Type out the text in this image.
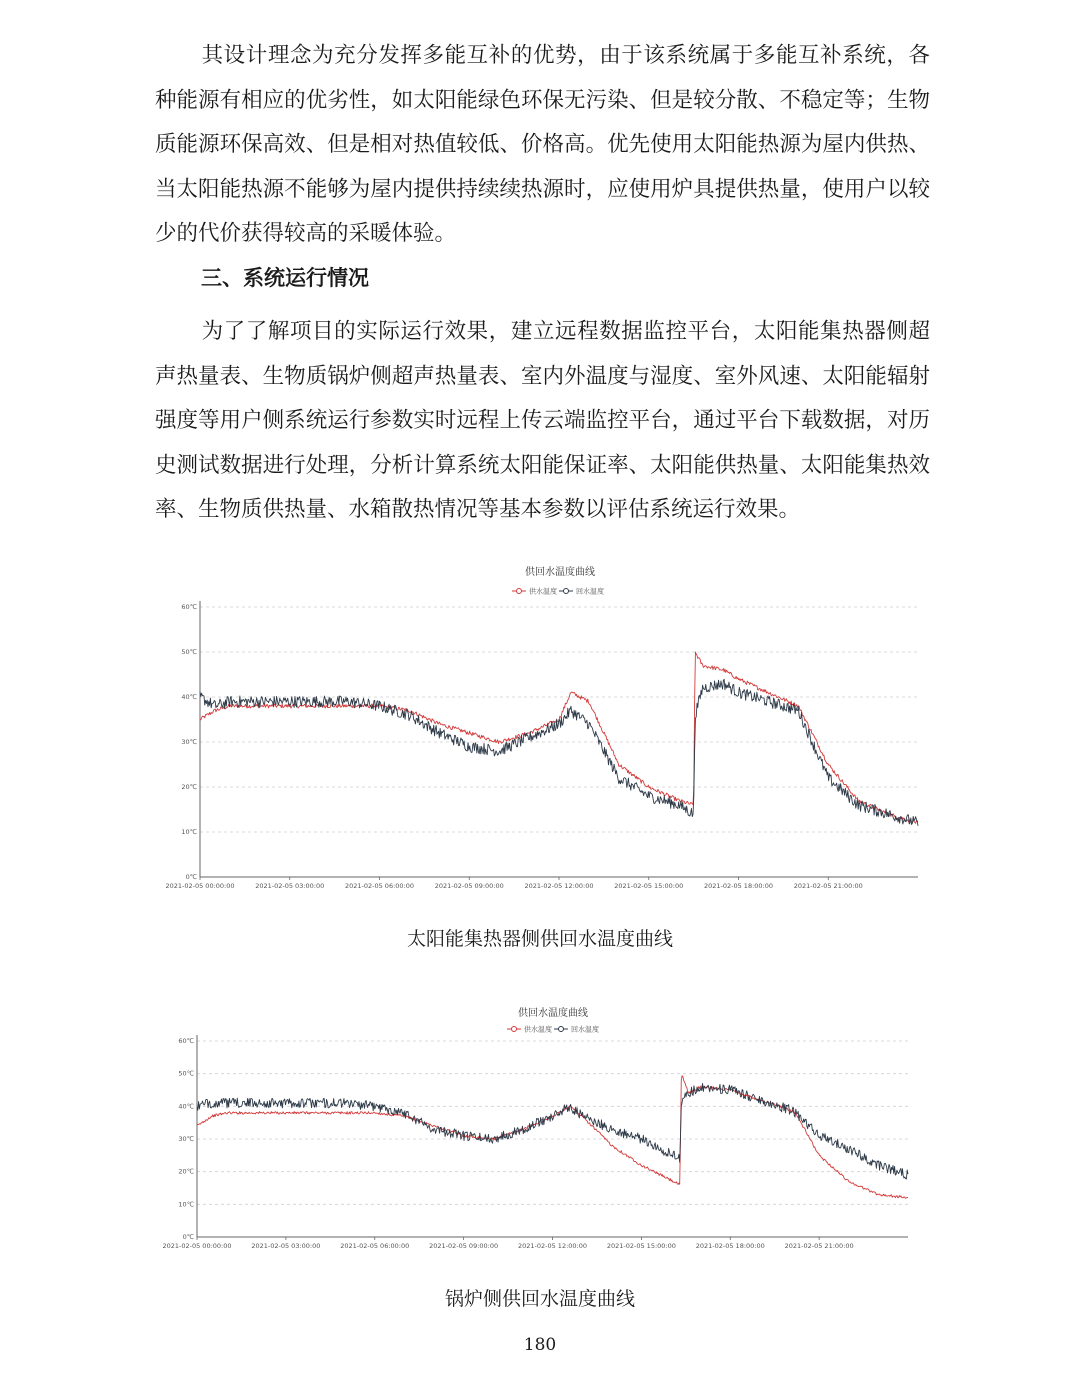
其设计理念为充分发挥多能互补的优势，由于该系统属于多能互补系统，各种能源有相应的优劣性，如太阳能绿色环保无污染、但是较分散、不稳定等；生物质能源环保高效、但是相对热值较低、价格高。优先使用太阳能热源为屋内供热、当太阳能热源不能够为屋内提供持续续热源时，应使用炉具提供热量，使用户以较少的代价获得较高的采暖体验。

三、系统运行情况

为了了解项目的实际运行效果，建立远程数据监控平台，太阳能集热器侧超声热量表、生物质锅炉侧超声热量表、室内外温度与湿度、室外风速、太阳能辐射强度等用户侧系统运行参数实时远程上传云端监控平台，通过平台下载数据，对历史测试数据进行处理，分析计算系统太阳能保证率、太阳能供热量、太阳能集热效率、生物质供热量、水箱散热情况等基本参数以评估系统运行效果。

供回水温度曲线
供水温度	回水温度
0℃
10℃
20℃
30℃
40℃
50℃
60℃
2021-02-05 00:00:00	2021-02-05 03:00:00	2021-02-05 06:00:00	2021-02-05 09:00:00	2021-02-05 12:00:00	2021-02-05 15:00:00	2021-02-05 18:00:00	2021-02-05 21:00:00

太阳能集热器侧供回水温度曲线

供回水温度曲线
供水温度	回水温度
0℃
10℃
20℃
30℃
40℃
50℃
60℃
2021-02-05 00:00:00	2021-02-05 03:00:00	2021-02-05 06:00:00	2021-02-05 09:00:00	2021-02-05 12:00:00	2021-02-05 15:00:00	2021-02-05 18:00:00	2021-02-05 21:00:00

锅炉侧供回水温度曲线

180
